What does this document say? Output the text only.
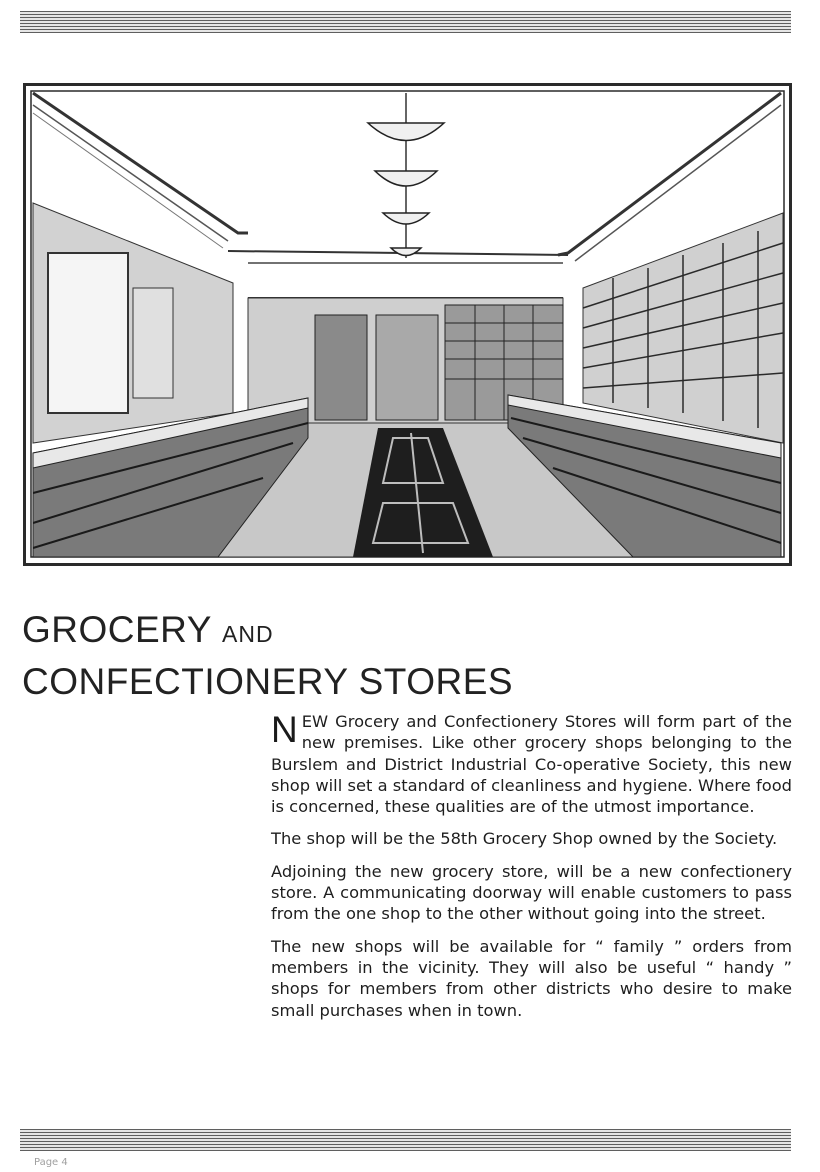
GROCERY AND
CONFECTIONERY STORES

NEW Grocery and Confectionery Stores will form part of the new premises. Like other grocery shops belonging to the Burslem and District Industrial Co-operative Society, this new shop will set a standard of cleanliness and hygiene. Where food is concerned, these qualities are of the utmost importance.

The shop will be the 58th Grocery Shop owned by the Society.

Adjoining the new grocery store, will be a new confectionery store. A communicating doorway will enable customers to pass from the one shop to the other without going into the street.

The new shops will be available for “ family ” orders from members in the vicinity. They will also be useful “ handy ” shops for members from other districts who desire to make small purchases when in town.

Page 4
